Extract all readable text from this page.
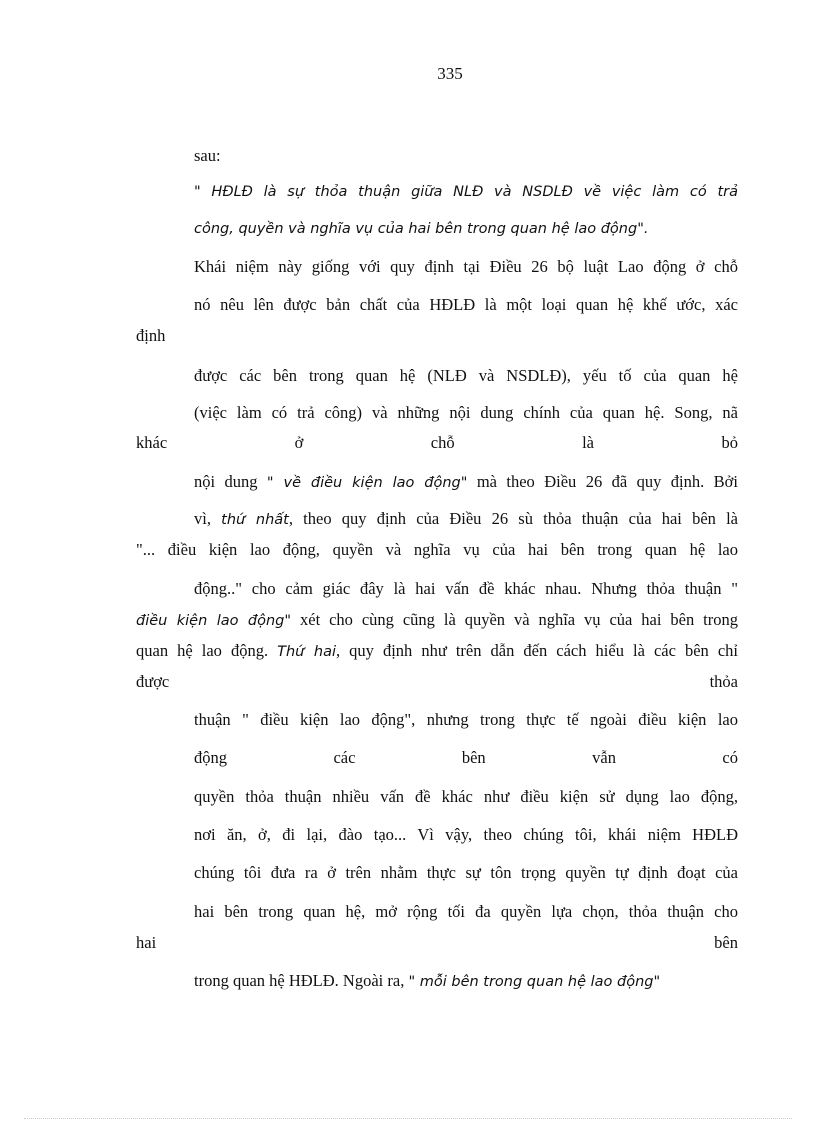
335
sau:
" HĐLĐ là sự thỏa thuận giữa NLĐ và NSDLĐ về việc làm có trả
công, quyền và nghĩa vụ của hai bên trong quan hệ lao động".
Khái niệm này giống với quy định tại Điều 26 bộ luật Lao động ở chỗ
nó nêu lên được bản chất của HĐLĐ là một loại quan hệ khế ước, xác
định
được các bên trong quan hệ (NLĐ và NSDLĐ), yếu tố của quan hệ
(việc làm có trả công) và những nội dung chính của quan hệ. Song, nã
khác	ở	chỗ	là	bỏ
nội dung " về điều kiện lao động" mà theo Điều 26 đã quy định. Bởi
vì, thứ nhất, theo quy định của Điều 26 sù thỏa thuận của hai bên là
"... điều kiện lao động, quyền và nghĩa vụ của hai bên trong quan hệ lao
động.." cho cảm giác đây là hai vấn đề khác nhau. Nhưng thỏa thuận "
điều kiện lao động" xét cho cùng cũng là quyền và nghĩa vụ của hai bên trong
quan hệ lao động. Thứ hai, quy định như trên dẫn đến cách hiểu là các bên chỉ
được	thỏa
thuận " điều kiện lao động", nhưng trong thực tế ngoài điều kiện lao
động	các	bên	vẫn	có
quyền thỏa thuận nhiều vấn đề khác như điều kiện sử dụng lao động,
nơi ăn, ở, đi lại, đào tạo... Vì vậy, theo chúng tôi, khái niệm HĐLĐ
chúng tôi đưa ra ở trên nhằm thực sự tôn trọng quyền tự định đoạt của
hai bên trong quan hệ, mở rộng tối đa quyền lựa chọn, thỏa thuận cho
hai	bên
trong quan hệ HĐLĐ. Ngoài ra, " mỗi bên trong quan hệ lao động"
